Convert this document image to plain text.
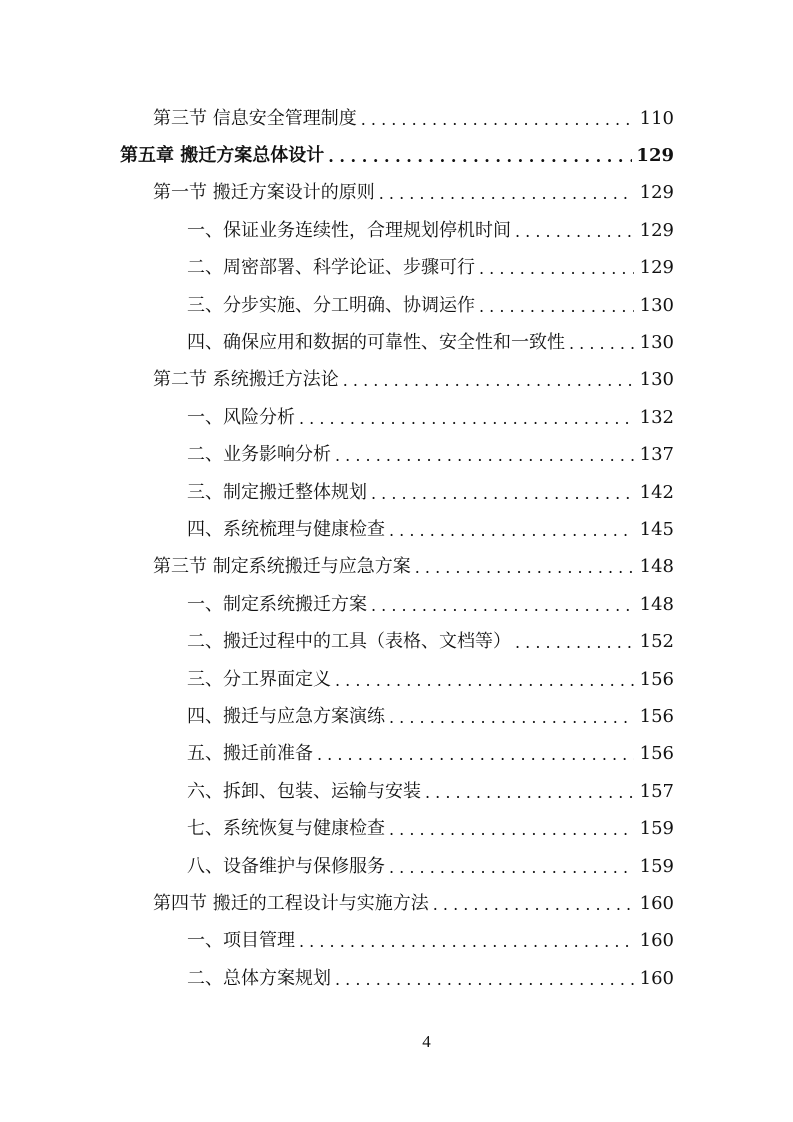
第三节 信息安全管理制度 . . .	110
第五章 搬迁方案总体设计 . . .	129
第一节 搬迁方案设计的原则 . . .	129
一、保证业务连续性，合理规划停机时间 . . .	129
二、周密部署、科学论证、步骤可行 . . .	129
三、分步实施、分工明确、协调运作 . . .	130
四、确保应用和数据的可靠性、安全性和一致性 . . .	130
第二节 系统搬迁方法论 . . .	130
一、风险分析 . . .	132
二、业务影响分析 . . .	137
三、制定搬迁整体规划 . . .	142
四、系统梳理与健康检查 . . .	145
第三节 制定系统搬迁与应急方案 . . .	148
一、制定系统搬迁方案 . . .	148
二、搬迁过程中的工具（表格、文档等） . . .	152
三、分工界面定义 . . .	156
四、搬迁与应急方案演练 . . .	156
五、搬迁前准备 . . .	156
六、拆卸、包装、运输与安装 . . .	157
七、系统恢复与健康检查 . . .	159
八、设备维护与保修服务 . . .	159
第四节 搬迁的工程设计与实施方法 . . .	160
一、项目管理 . . .	160
二、总体方案规划 . . .	160
4
